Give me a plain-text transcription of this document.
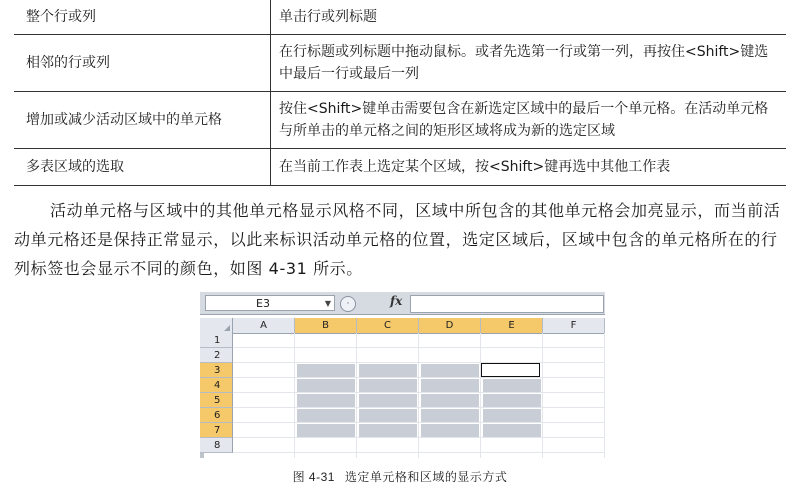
整个行或列	单击行或列标题
相邻的行或列	在行标题或列标题中拖动鼠标。或者先选第一行或第一列，再按住<Shift>键选中最后一行或最后一列
增加或减少活动区域中的单元格	按住<Shift>键单击需要包含在新选定区域中的最后一个单元格。在活动单元格与所单击的单元格之间的矩形区域将成为新的选定区域
多表区域的选取	在当前工作表上选定某个区域，按<Shift>键再选中其他工作表

活动单元格与区域中的其他单元格显示风格不同，区域中所包含的其他单元格会加亮显示，而当前活动单元格还是保持正常显示，以此来标识活动单元格的位置，选定区域后，区域中包含的单元格所在的行列标签也会显示不同的颜色，如图 4-31 所示。

E3	▼	·	fx
A	B	C	D	E	F
1
2
3
4
5
6
7
8

图 4-31 选定单元格和区域的显示方式
